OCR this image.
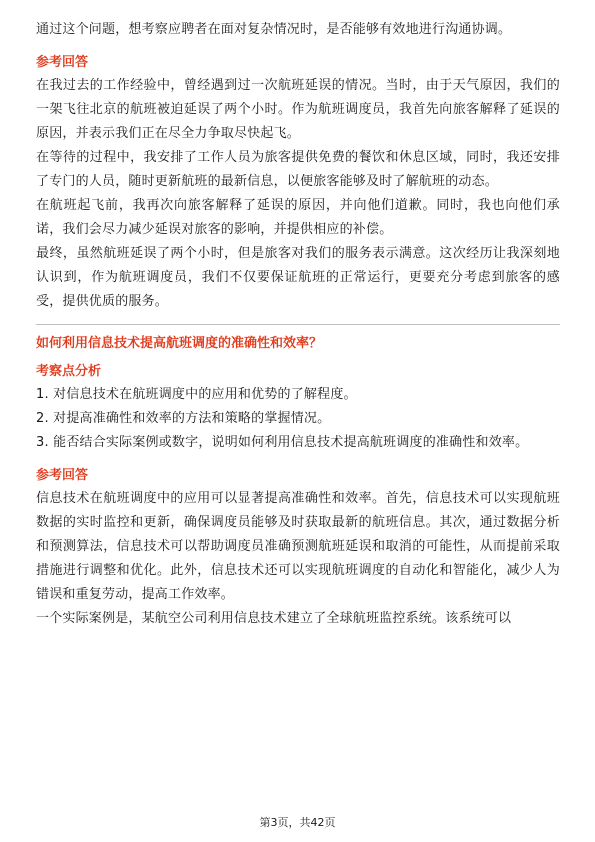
通过这个问题，想考察应聘者在面对复杂情况时，是否能够有效地进行沟通协调。

参考回答

在我过去的工作经验中，曾经遇到过一次航班延误的情况。当时，由于天气原因，我们的一架飞往北京的航班被迫延误了两个小时。作为航班调度员，我首先向旅客解释了延误的原因，并表示我们正在尽全力争取尽快起飞。

在等待的过程中，我安排了工作人员为旅客提供免费的餐饮和休息区域，同时，我还安排了专门的人员，随时更新航班的最新信息，以便旅客能够及时了解航班的动态。

在航班起飞前，我再次向旅客解释了延误的原因，并向他们道歉。同时，我也向他们承诺，我们会尽力减少延误对旅客的影响，并提供相应的补偿。

最终，虽然航班延误了两个小时，但是旅客对我们的服务表示满意。这次经历让我深刻地认识到，作为航班调度员，我们不仅要保证航班的正常运行，更要充分考虑到旅客的感受，提供优质的服务。

如何利用信息技术提高航班调度的准确性和效率？
考察点分析

1. 对信息技术在航班调度中的应用和优势的了解程度。

2. 对提高准确性和效率的方法和策略的掌握情况。

3. 能否结合实际案例或数字，说明如何利用信息技术提高航班调度的准确性和效率。

参考回答

信息技术在航班调度中的应用可以显著提高准确性和效率。首先，信息技术可以实现航班数据的实时监控和更新，确保调度员能够及时获取最新的航班信息。其次，通过数据分析和预测算法，信息技术可以帮助调度员准确预测航班延误和取消的可能性，从而提前采取措施进行调整和优化。此外，信息技术还可以实现航班调度的自动化和智能化，减少人为错误和重复劳动，提高工作效率。

一个实际案例是，某航空公司利用信息技术建立了全球航班监控系统。该系统可以

第3页，共42页
